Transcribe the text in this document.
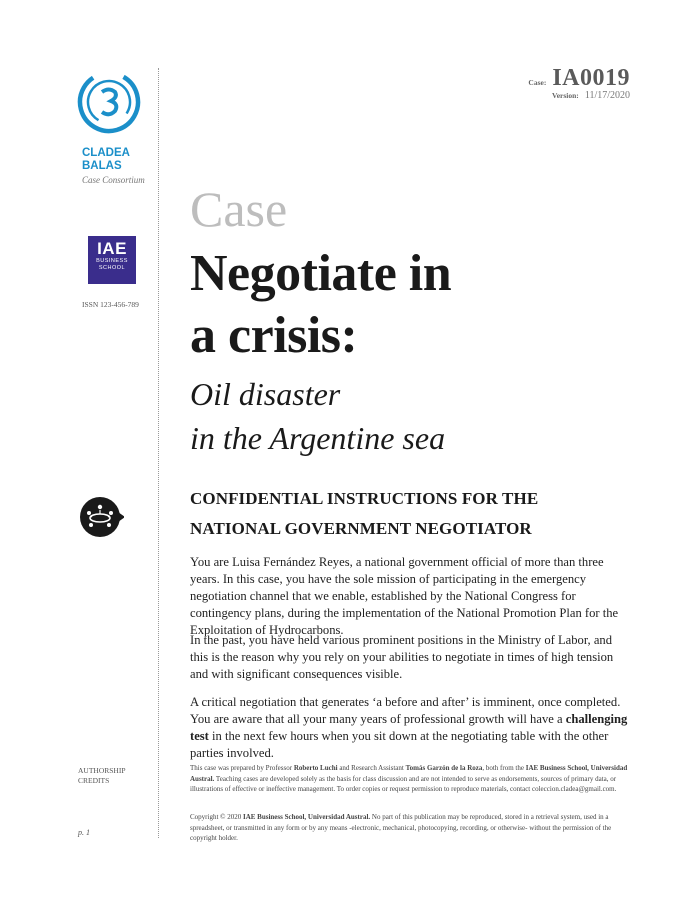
CLADEA
BALAS
Case Consortium
IAE
BUSINESS
SCHOOL
ISSN 123-456-789
Case: IA0019
Version: 11/17/2020
Case
Negotiate in
a crisis:
Oil disaster
in the Argentine sea
CONFIDENTIAL INSTRUCTIONS FOR THE
NATIONAL GOVERNMENT NEGOTIATOR

You are Luisa Fernández Reyes, a national government official of more than three years. In this case, you have the sole mission of participating in the emergency negotiation channel that we enable, established by the National Congress for contingency plans, during the implementation of the National Promotion Plan for the Exploitation of Hydrocarbons.

In the past, you have held various prominent positions in the Ministry of Labor, and this is the reason why you rely on your abilities to negotiate in times of high tension and with significant consequences visible.

A critical negotiation that generates ‘a before and after’ is imminent, once completed. You are aware that all your many years of professional growth will have a challenging test in the next few hours when you sit down at the negotiating table with the other parties involved.

AUTHORSHIP
CREDITS
p. 1

This case was prepared by Professor Roberto Luchi and Research Assistant Tomás Garzón de la Roza, both from the IAE Business School, Universidad Austral. Teaching cases are developed solely as the basis for class discussion and are not intended to serve as endorsements, sources of primary data, or illustrations of effective or ineffective management. To order copies or request permission to reproduce materials, contact coleccion.cladea@gmail.com.

Copyright © 2020 IAE Business School, Universidad Austral. No part of this publication may be reproduced, stored in a retrieval system, used in a spreadsheet, or transmitted in any form or by any means -electronic, mechanical, photocopying, recording, or otherwise- without the permission of the copyright holder.
